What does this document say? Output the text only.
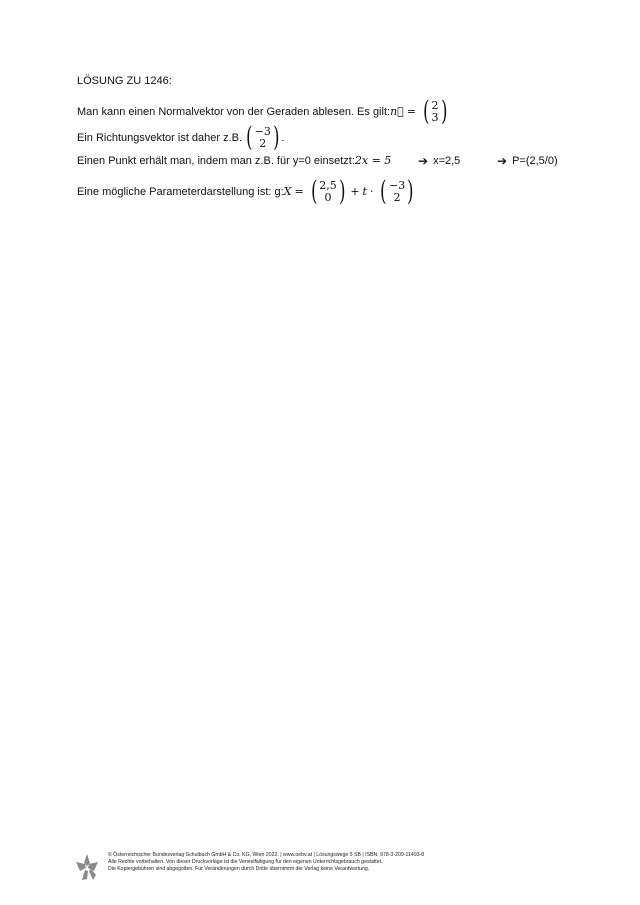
LÖSUNG ZU 1246:
Man kann einen Normalvektor von der Geraden ablesen. Es gilt: n⃗ = ( 2
3 )
Ein Richtungsvektor ist daher z.B. ( −3
2 ) .
Einen Punkt erhält man, indem man z.B. für y=0 einsetzt: 2x = 5 ➔ x=2,5	➔ P=(2,5/0)
Eine mögliche Parameterdarstellung ist: g: X = ( 2,5
0 ) + t · ( −3
2 )
© Österreichischer Bundesverlag Schulbuch GmbH & Co. KG, Wien 2022. | www.oebv.at | Lösungswege 5 SB | ISBN: 978-3-209-11493-8
Alle Rechte vorbehalten. Von dieser Druckvorlage ist die Vervielfältigung für den eigenen Unterrichtsgebrauch gestattet.
Die Kopiergebühren sind abgegolten. Für Veränderungen durch Dritte übernimmt der Verlag keine Verantwortung.
